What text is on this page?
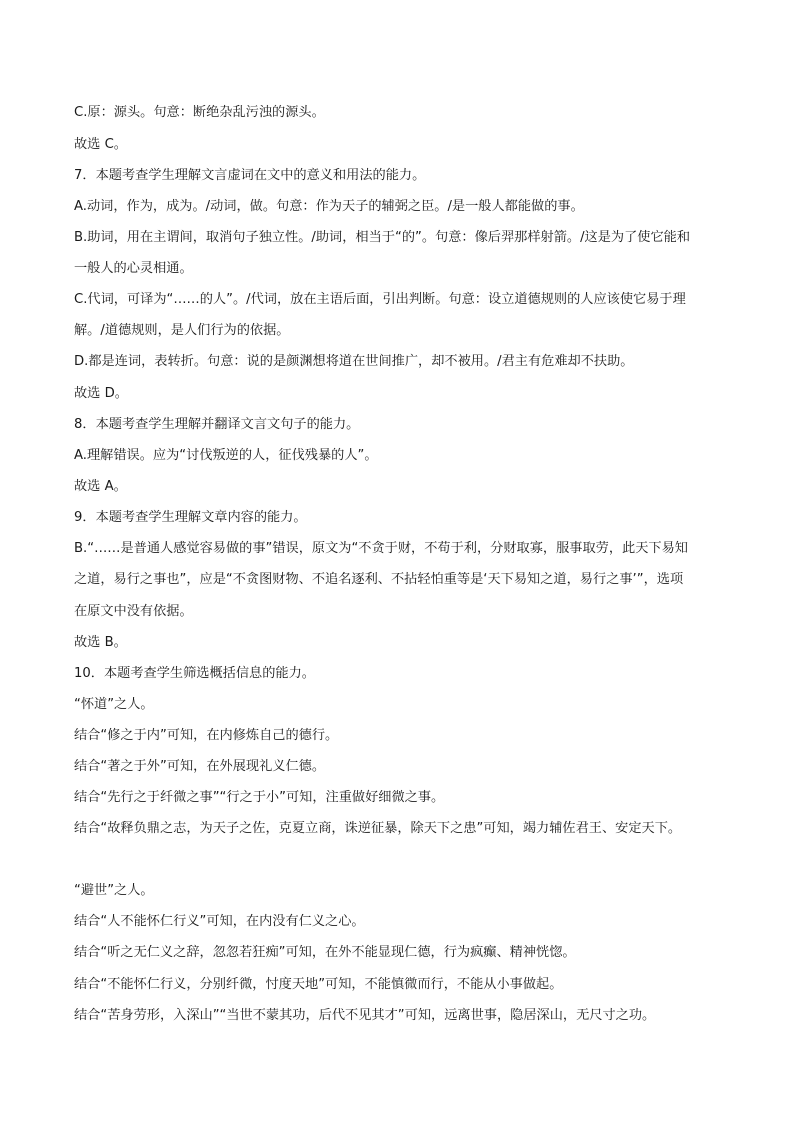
C.原：源头。句意：断绝杂乱污浊的源头。
故选 C。
7．本题考查学生理解文言虚词在文中的意义和用法的能力。
A.动词，作为，成为。/动词，做。句意：作为天子的辅弼之臣。/是一般人都能做的事。
B.助词，用在主谓间，取消句子独立性。/助词，相当于“的”。句意：像后羿那样射箭。/这是为了使它能和
一般人的心灵相通。
C.代词，可译为“……的人”。/代词，放在主语后面，引出判断。句意：设立道德规则的人应该使它易于理
解。/道德规则，是人们行为的依据。
D.都是连词，表转折。句意：说的是颜渊想将道在世间推广，却不被用。/君主有危难却不扶助。
故选 D。
8．本题考查学生理解并翻译文言文句子的能力。
A.理解错误。应为“讨伐叛逆的人，征伐残暴的人”。
故选 A。
9．本题考查学生理解文章内容的能力。
B.“……是普通人感觉容易做的事”错误，原文为“不贪于财，不苟于利，分财取寡，服事取劳，此天下易知
之道，易行之事也”，应是“不贪图财物、不追名逐利、不拈轻怕重等是‘天下易知之道，易行之事’”，选项
在原文中没有依据。
故选 B。
10．本题考查学生筛选概括信息的能力。
“怀道”之人。
结合“修之于内”可知，在内修炼自己的德行。
结合“著之于外”可知，在外展现礼义仁德。
结合“先行之于纤微之事”“行之于小”可知，注重做好细微之事。
结合“故释负鼎之志，为天子之佐，克夏立商，诛逆征暴，除天下之患”可知，竭力辅佐君王、安定天下。
“避世”之人。
结合“人不能怀仁行义”可知，在内没有仁义之心。
结合“听之无仁义之辞，忽忽若狂痴”可知，在外不能显现仁德，行为疯癫、精神恍惚。
结合“不能怀仁行义，分别纤微，忖度天地”可知，不能慎微而行，不能从小事做起。
结合“苦身劳形，入深山”“当世不蒙其功，后代不见其才”可知，远离世事，隐居深山，无尺寸之功。
